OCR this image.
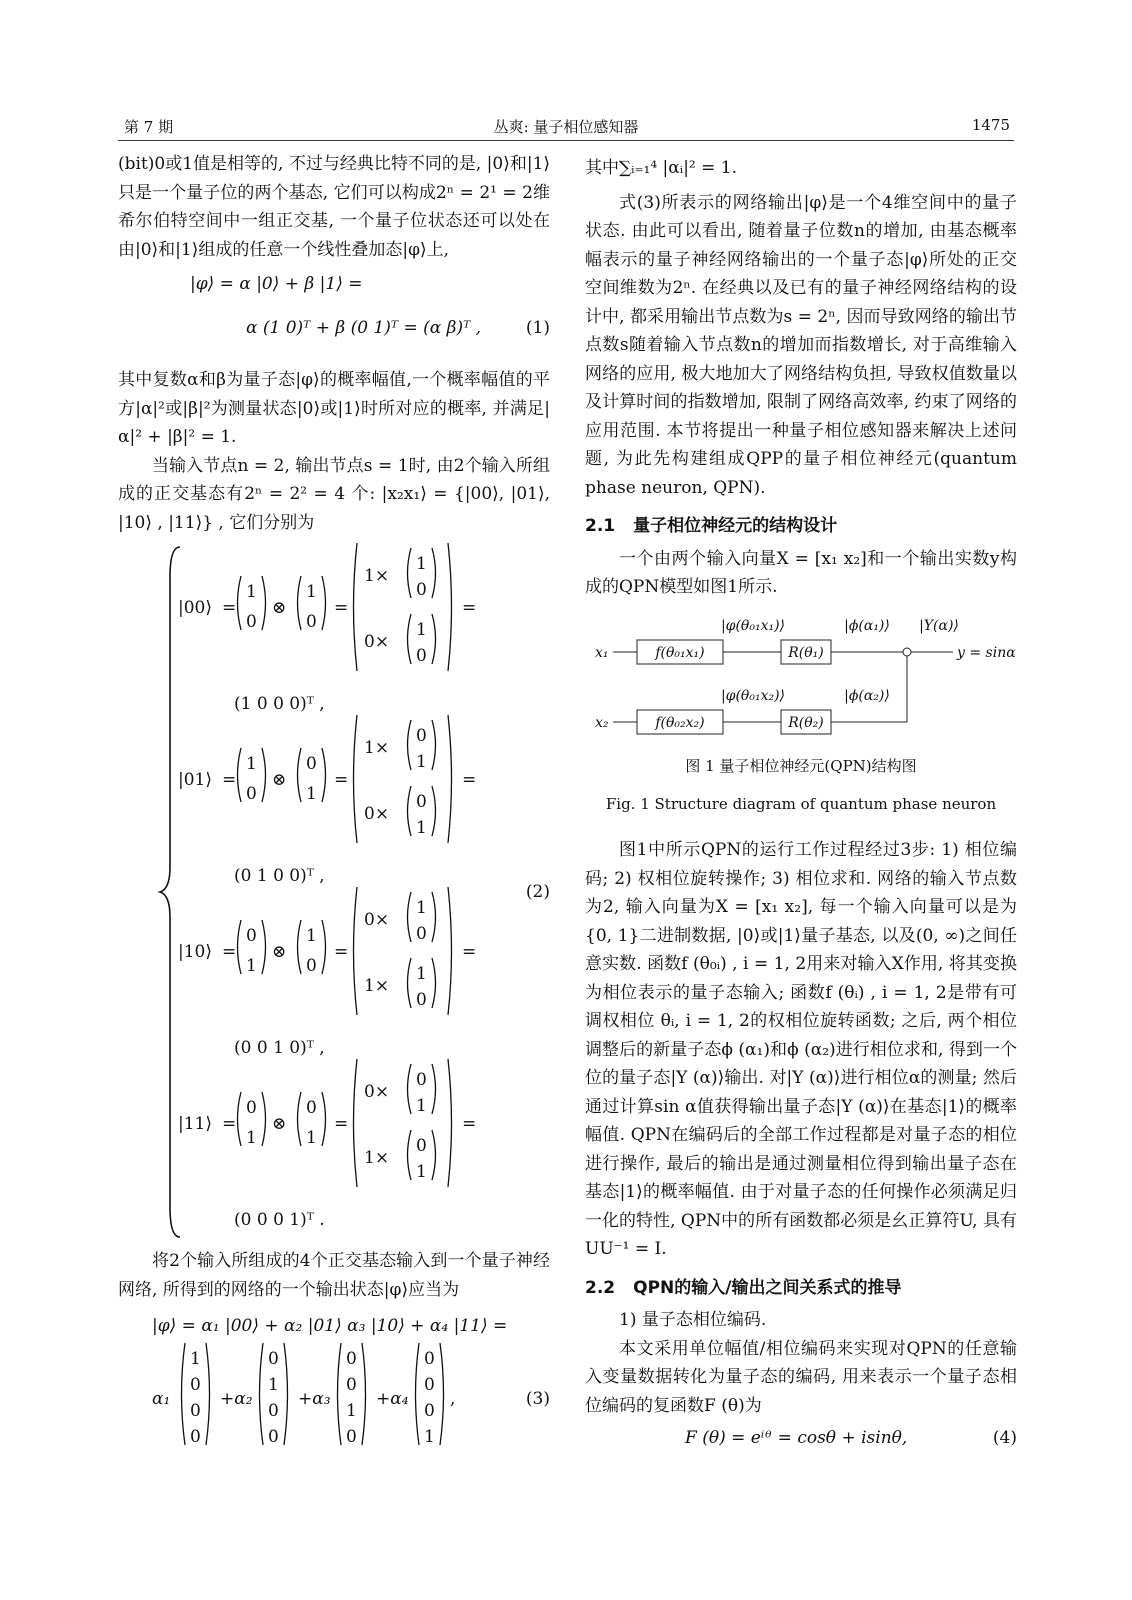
第 7 期	丛爽: 量子相位感知器	1475

(bit)0或1值是相等的, 不过与经典比特不同的是, |0⟩和|1⟩只是一个量子位的两个基态, 它们可以构成2ⁿ = 2¹ = 2维希尔伯特空间中一组正交基, 一个量子位状态还可以处在由|0⟩和|1⟩组成的任意一个线性叠加态|φ⟩上,

|φ⟩ = α |0⟩ + β |1⟩ =
α (1 0)ᵀ + β (0 1)ᵀ = (α β)ᵀ ,	(1)

其中复数α和β为量子态|φ⟩的概率幅值,一个概率幅值的平方|α|²或|β|²为测量状态|0⟩或|1⟩时所对应的概率, 并满足|α|² + |β|² = 1.

当输入节点n = 2, 输出节点s = 1时, 由2个输入所组成的正交基态有2ⁿ = 2² = 4 个: |x₂x₁⟩ = {|00⟩, |01⟩, |10⟩ , |11⟩} , 它们分别为

|00⟩ =
1
0
⊗
1
0
=
1×
1
0
0×
1
0
=
(1 0 0 0)ᵀ ,
|01⟩ =
1
0
⊗
0
1
=
1×
0
1
0×
0
1
=
(0 1 0 0)ᵀ ,
|10⟩ =
0
1
⊗
1
0
=
0×
1
0
1×
1
0
=
(0 0 1 0)ᵀ ,
|11⟩ =
0
1
⊗
0
1
=
0×
0
1
1×
0
1
=
(0 0 0 1)ᵀ .
(2)

将2个输入所组成的4个正交基态输入到一个量子神经网络, 所得到的网络的一个输出状态|φ⟩应当为

|φ⟩ = α₁ |00⟩ + α₂ |01⟩ α₃ |10⟩ + α₄ |11⟩ =
α₁
1
0
0
0
+α₂
0
1
0
0
+α₃
0
0
1
0
+α₄
0
0
0
1
,	(3)

其中∑ᵢ₌₁⁴ |αᵢ|² = 1.

式(3)所表示的网络输出|φ⟩是一个4维空间中的量子状态. 由此可以看出, 随着量子位数n的增加, 由基态概率幅表示的量子神经网络输出的一个量子态|φ⟩所处的正交空间维数为2ⁿ. 在经典以及已有的量子神经网络结构的设计中, 都采用输出节点数为s = 2ⁿ, 因而导致网络的输出节点数s随着输入节点数n的增加而指数增长, 对于高维输入网络的应用, 极大地加大了网络结构负担, 导致权值数量以及计算时间的指数增加, 限制了网络高效率, 约束了网络的应用范围. 本节将提出一种量子相位感知器来解决上述问题, 为此先构建组成QPP的量子相位神经元(quantum phase neuron, QPN).

2.1 量子相位神经元的结构设计

一个由两个输入向量X = [x₁ x₂]和一个输出实数y构成的QPN模型如图1所示.

x₁
x₂
f(θ₀₁x₁)
f(θ₀₂x₂)
R(θ₁)
R(θ₂)
|φ(θ₀₁x₁)⟩
|φ(θ₀₁x₂)⟩
|ϕ(α₁)⟩
|ϕ(α₂)⟩
|Y(α)⟩
y = sinα
图 1 量子相位神经元(QPN)结构图
Fig. 1 Structure diagram of quantum phase neuron

图1中所示QPN的运行工作过程经过3步: 1) 相位编码; 2) 权相位旋转操作; 3) 相位求和. 网络的输入节点数为2, 输入向量为X = [x₁ x₂], 每一个输入向量可以是为{0, 1}二进制数据, |0⟩或|1⟩量子基态, 以及(0, ∞)之间任意实数. 函数f (θ₀ᵢ) , i = 1, 2用来对输入X作用, 将其变换为相位表示的量子态输入; 函数f (θᵢ) , i = 1, 2是带有可调权相位 θᵢ, i = 1, 2的权相位旋转函数; 之后, 两个相位调整后的新量子态ϕ (α₁)和ϕ (α₂)进行相位求和, 得到一个位的量子态|Y (α)⟩输出. 对|Y (α)⟩进行相位α的测量; 然后通过计算sin α值获得输出量子态|Y (α)⟩在基态|1⟩的概率幅值. QPN在编码后的全部工作过程都是对量子态的相位进行操作, 最后的输出是通过测量相位得到输出量子态在基态|1⟩的概率幅值. 由于对量子态的任何操作必须满足归一化的特性, QPN中的所有函数都必须是幺正算符U, 具有UU⁻¹ = I.

2.2 QPN的输入/输出之间关系式的推导

1) 量子态相位编码.

本文采用单位幅值/相位编码来实现对QPN的任意输入变量数据转化为量子态的编码, 用来表示一个量子态相位编码的复函数F (θ)为

F (θ) = eⁱᶿ = cosθ + isinθ,	(4)
